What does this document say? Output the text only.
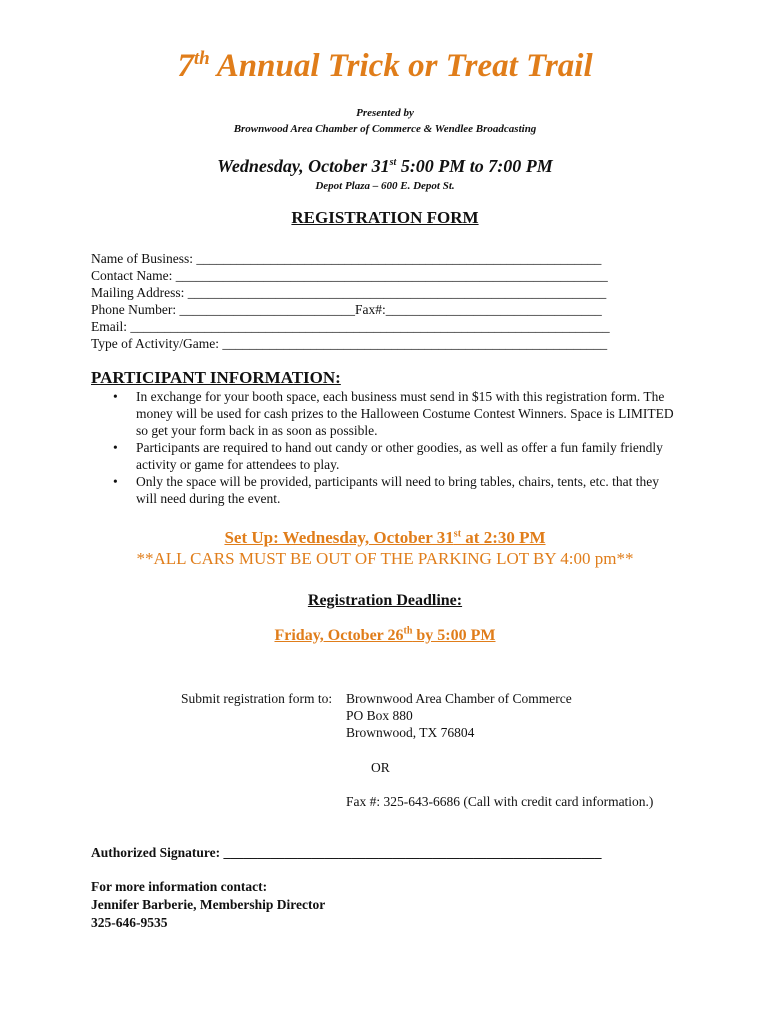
7th Annual Trick or Treat Trail
Presented by
Brownwood Area Chamber of Commerce & Wendlee Broadcasting
Wednesday, October 31st 5:00 PM to 7:00 PM
Depot Plaza – 600 E. Depot St.
REGISTRATION FORM
Name of Business: ____________________________________________________________
Contact Name: ________________________________________________________________
Mailing Address: ______________________________________________________________
Phone Number: __________________________Fax#:________________________________
Email: _______________________________________________________________________
Type of Activity/Game: _________________________________________________________
PARTICIPANT INFORMATION:
• In exchange for your booth space, each business must send in $15 with this registration form. The money will be used for cash prizes to the Halloween Costume Contest Winners. Space is LIMITED so get your form back in as soon as possible.
• Participants are required to hand out candy or other goodies, as well as offer a fun family friendly activity or game for attendees to play.
• Only the space will be provided, participants will need to bring tables, chairs, tents, etc. that they will need during the event.
Set Up: Wednesday, October 31st at 2:30 PM
**ALL CARS MUST BE OUT OF THE PARKING LOT BY 4:00 pm**
Registration Deadline:
Friday, October 26th by 5:00 PM
Submit registration form to: Brownwood Area Chamber of Commerce
PO Box 880
Brownwood, TX 76804
OR
Fax #: 325-643-6686 (Call with credit card information.)
Authorized Signature: ________________________________________________________
For more information contact:
Jennifer Barberie, Membership Director
325-646-9535
